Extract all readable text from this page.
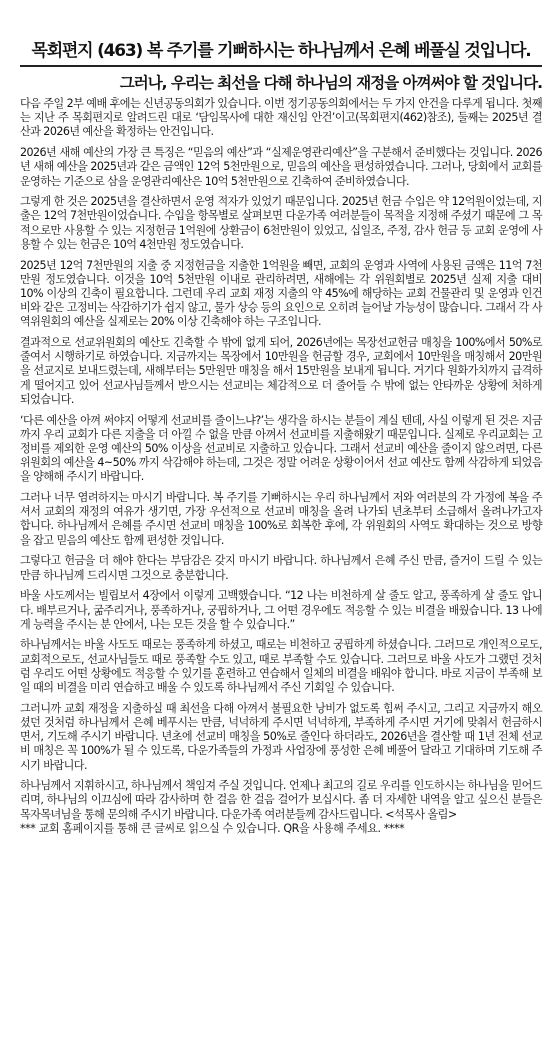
목회편지 (463) 복 주기를 기뻐하시는 하나님께서 은혜 베풀실 것입니다.
그러나, 우리는 최선을 다해 하나님의 재정을 아껴써야 할 것입니다.

다음 주일 2부 예배 후에는 신년공동의회가 있습니다. 이번 정기공동의회에서는 두 가지 안건을 다루게 됩니다. 첫째는 지난 주 목회편지로 알려드린 대로 ‘담임목사에 대한 재신임 안건’이고(목회편지(462)참조), 둘째는 2025년 결산과 2026년 예산을 확정하는 안건입니다.

2026년 새해 예산의 가장 큰 특징은 “믿음의 예산”과 “실제운영관리예산”을 구분해서 준비했다는 것입니다. 2026년 새해 예산을 2025년과 같은 금액인 12억 5천만원으로, 믿음의 예산을 편성하였습니다. 그러나, 당회에서 교회를 운영하는 기준으로 삼을 운영관리예산은 10억 5천만원으로 긴축하여 준비하였습니다.

그렇게 한 것은 2025년을 결산하면서 운영 적자가 있었기 때문입니다. 2025년 헌금 수입은 약 12억원이었는데, 지출은 12억 7천만원이었습니다. 수입을 항목별로 살펴보면 다운가족 여러분들이 목적을 지정해 주셨기 때문에 그 목적으로만 사용할 수 있는 지정헌금 1억원에 상환금이 6천만원이 있었고, 십일조, 주정, 감사 헌금 등 교회 운영에 사용할 수 있는 헌금은 10억 4천만원 정도였습니다.

2025년 12억 7천만원의 지출 중 지정헌금을 지출한 1억원을 빼면, 교회의 운영과 사역에 사용된 금액은 11억 7천만원 정도였습니다. 이것을 10억 5천만원 이내로 관리하려면, 새해에는 각 위원회별로 2025년 실제 지출 대비 10% 이상의 긴축이 필요합니다. 그런데 우리 교회 재정 지출의 약 45%에 해당하는 교회 건물관리 및 운영과 인건비와 같은 고정비는 삭감하기가 쉽지 않고, 물가 상승 등의 요인으로 오히려 늘어날 가능성이 많습니다. 그래서 각 사역위원회의 예산을 실제로는 20% 이상 긴축해야 하는 구조입니다.

결과적으로 선교위원회의 예산도 긴축할 수 밖에 없게 되어, 2026년에는 목장선교헌금 매칭을 100%에서 50%로 줄여서 시행하기로 하였습니다. 지금까지는 목장에서 10만원을 헌금할 경우, 교회에서 10만원을 매칭해서 20만원을 선교지로 보내드렸는데, 새해부터는 5만원만 매칭을 해서 15만원을 보내게 됩니다. 거기다 원화가치까지 급격하게 떨어지고 있어 선교사님들께서 받으시는 선교비는 체감적으로 더 줄어들 수 밖에 없는 안타까운 상황에 처하게 되었습니다.

‘다른 예산을 아껴 써야지 어떻게 선교비를 줄이느냐?’는 생각을 하시는 분들이 계실 텐데, 사실 이렇게 된 것은 지금까지 우리 교회가 다른 지출을 더 아낄 수 없을 만큼 아껴서 선교비를 지출해왔기 때문입니다. 실제로 우리교회는 고정비를 제외한 운영 예산의 50% 이상을 선교비로 지출하고 있습니다. 그래서 선교비 예산을 줄이지 않으려면, 다른 위원회의 예산을 4~50% 까지 삭감해야 하는데, 그것은 정말 어려운 상황이어서 선교 예산도 함께 삭감하게 되었음을 양해해 주시기 바랍니다.

그러나 너무 염려하지는 마시기 바랍니다. 복 주기를 기뻐하시는 우리 하나님께서 저와 여러분의 각 가정에 복을 주셔서 교회의 재정의 여유가 생기면, 가장 우선적으로 선교비 매칭을 올려 나가되 년초부터 소급해서 올려나가고자 합니다. 하나님께서 은혜를 주시면 선교비 매칭을 100%로 회복한 후에, 각 위원회의 사역도 확대하는 것으로 방향을 잡고 믿음의 예산도 함께 편성한 것입니다.

그렇다고 헌금을 더 해야 한다는 부담감은 갖지 마시기 바랍니다. 하나님께서 은혜 주신 만큼, 즐거이 드릴 수 있는 만큼 하나님께 드리시면 그것으로 충분합니다.

바울 사도께서는 빌립보서 4장에서 이렇게 고백했습니다. “12 나는 비천하게 살 줄도 알고, 풍족하게 살 줄도 압니다. 배부르거나, 굶주리거나, 풍족하거나, 궁핍하거나, 그 어떤 경우에도 적응할 수 있는 비결을 배웠습니다. 13 나에게 능력을 주시는 분 안에서, 나는 모든 것을 할 수 있습니다.”

하나님께서는 바울 사도도 때로는 풍족하게 하셨고, 때로는 비천하고 궁핍하게 하셨습니다. 그러므로 개인적으로도, 교회적으로도, 선교사님들도 때로 풍족할 수도 있고, 때로 부족할 수도 있습니다. 그러므로 바울 사도가 그랬던 것처럼 우리도 어떤 상황에도 적응할 수 있기를 훈련하고 연습해서 일체의 비결을 배워야 합니다. 바로 지금이 부족해 보일 때의 비결을 미리 연습하고 배울 수 있도록 하나님께서 주신 기회일 수 있습니다.

그러니까 교회 재정을 지출하실 때 최선을 다해 아껴서 불필요한 낭비가 없도록 힘써 주시고, 그리고 지금까지 해오셨던 것처럼 하나님께서 은혜 베푸시는 만큼, 넉넉하게 주시면 넉넉하게, 부족하게 주시면 거기에 맞춰서 헌금하시면서, 기도해 주시기 바랍니다. 년초에 선교비 매칭을 50%로 줄인다 하더라도, 2026년을 결산할 때 1년 전체 선교비 매칭은 꼭 100%가 될 수 있도록, 다운가족들의 가정과 사업장에 풍성한 은혜 베풀어 달라고 기대하며 기도해 주시기 바랍니다.

하나님께서 지휘하시고, 하나님께서 책임져 주실 것입니다. 언제나 최고의 길로 우리를 인도하시는 하나님을 믿어드리며, 하나님의 이끄심에 따라 감사하며 한 걸음 한 걸음 걸어가 보십시다. 좀 더 자세한 내역을 알고 싶으신 분들은 목자목녀님을 통해 문의해 주시기 바랍니다. 다운가족 여러분들께 감사드립니다. <석목사 올림>

*** 교회 홈페이지를 통해 큰 글씨로 읽으실 수 있습니다. QR을 사용해 주세요. ****
